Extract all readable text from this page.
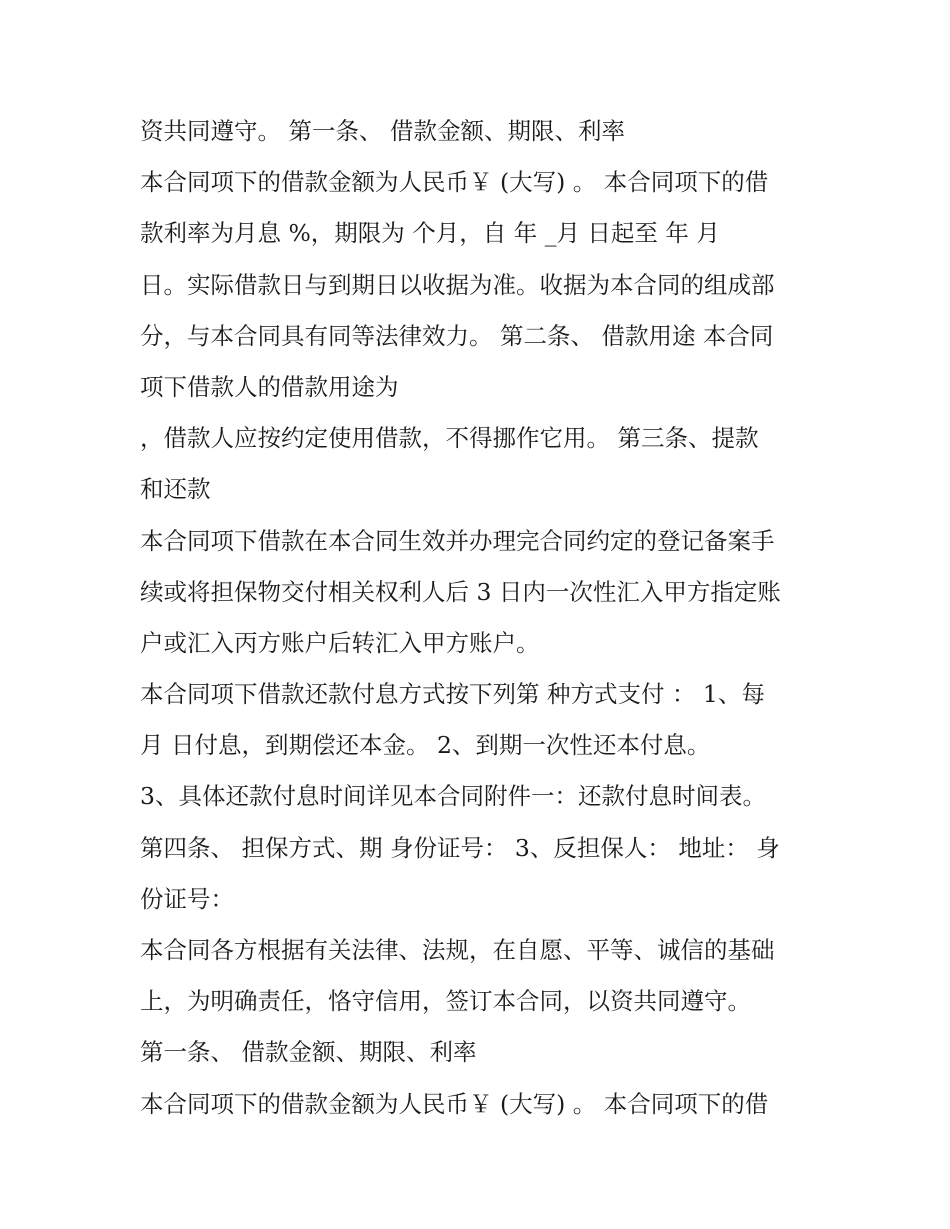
资共同遵守。 第一条、 借款金额、期限、利率

本合同项下的借款金额为人民币￥ (大写) 。 本合同项下的借

款利率为月息 %，期限为 个月，自 年 _月 日起至 年 月

日。实际借款日与到期日以收据为准。收据为本合同的组成部

分，与本合同具有同等法律效力。 第二条、 借款用途 本合同

项下借款人的借款用途为

，借款人应按约定使用借款，不得挪作它用。 第三条、提款

和还款

本合同项下借款在本合同生效并办理完合同约定的登记备案手

续或将担保物交付相关权利人后 3 日内一次性汇入甲方指定账

户或汇入丙方账户后转汇入甲方账户。

本合同项下借款还款付息方式按下列第 种方式支付 ： 1、每

月 日付息，到期偿还本金。 2、到期一次性还本付息。

3、具体还款付息时间详见本合同附件一：还款付息时间表。

第四条、 担保方式、期 身份证号： 3、反担保人： 地址： 身

份证号：

本合同各方根据有关法律、法规，在自愿、平等、诚信的基础

上，为明确责任，恪守信用，签订本合同，以资共同遵守。

第一条、 借款金额、期限、利率

本合同项下的借款金额为人民币￥ (大写) 。 本合同项下的借
